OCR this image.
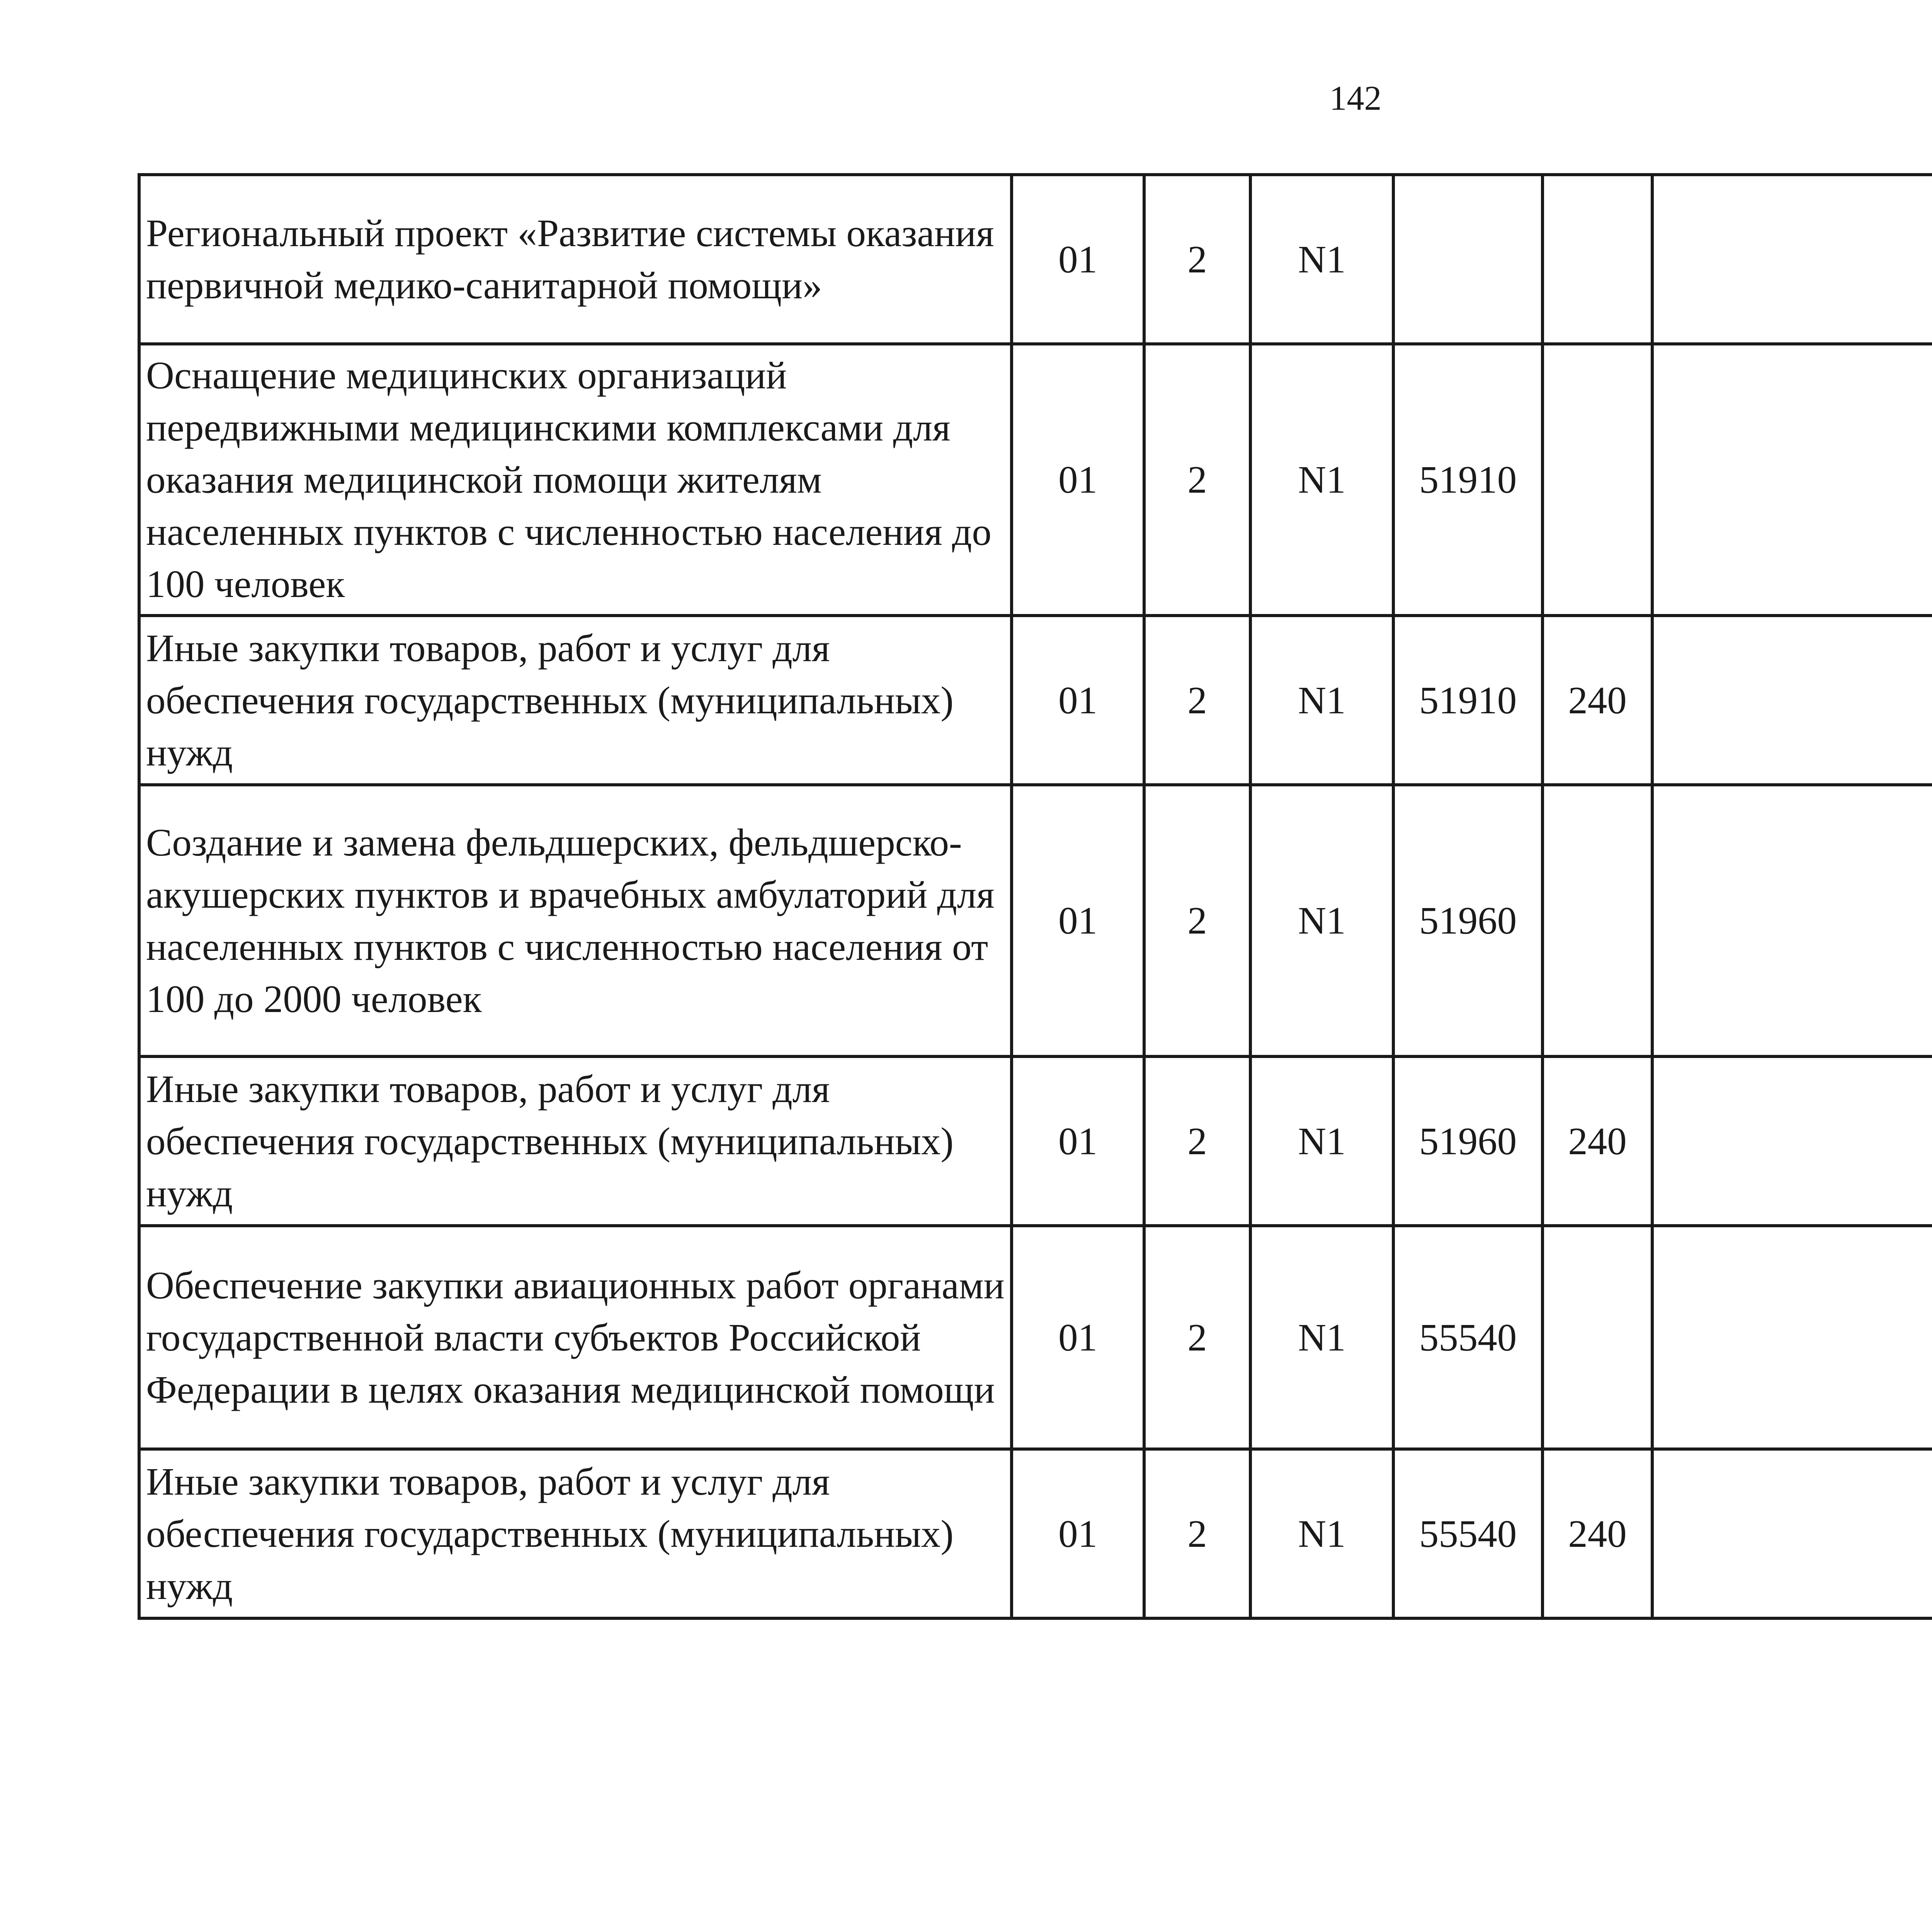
142
Региональный проект «Развитие системы оказания первичной медико-санитарной помощи»	01	2	N1					
Оснащение медицинских организаций передвижными медицинскими комплексами для оказания медицинской помощи жителям населенных пунктов с численностью населения до 100 человек	01	2	N1	51910				
Иные закупки товаров, работ и услуг для обеспечения государственных (муниципальных) нужд	01	2	N1	51910	240			
Создание и замена фельдшерских, фельдшерско-акушерских пунктов и врачебных амбулаторий для населенных пунктов с численностью населения от 100 до 2000 человек	01	2	N1	51960				
Иные закупки товаров, работ и услуг для обеспечения государственных (муниципальных) нужд	01	2	N1	51960	240			
Обеспечение закупки авиационных работ органами государственной власти субъектов Российской Федерации в целях оказания медицинской помощи	01	2	N1	55540				
Иные закупки товаров, работ и услуг для обеспечения государственных (муниципальных) нужд	01	2	N1	55540	240			
